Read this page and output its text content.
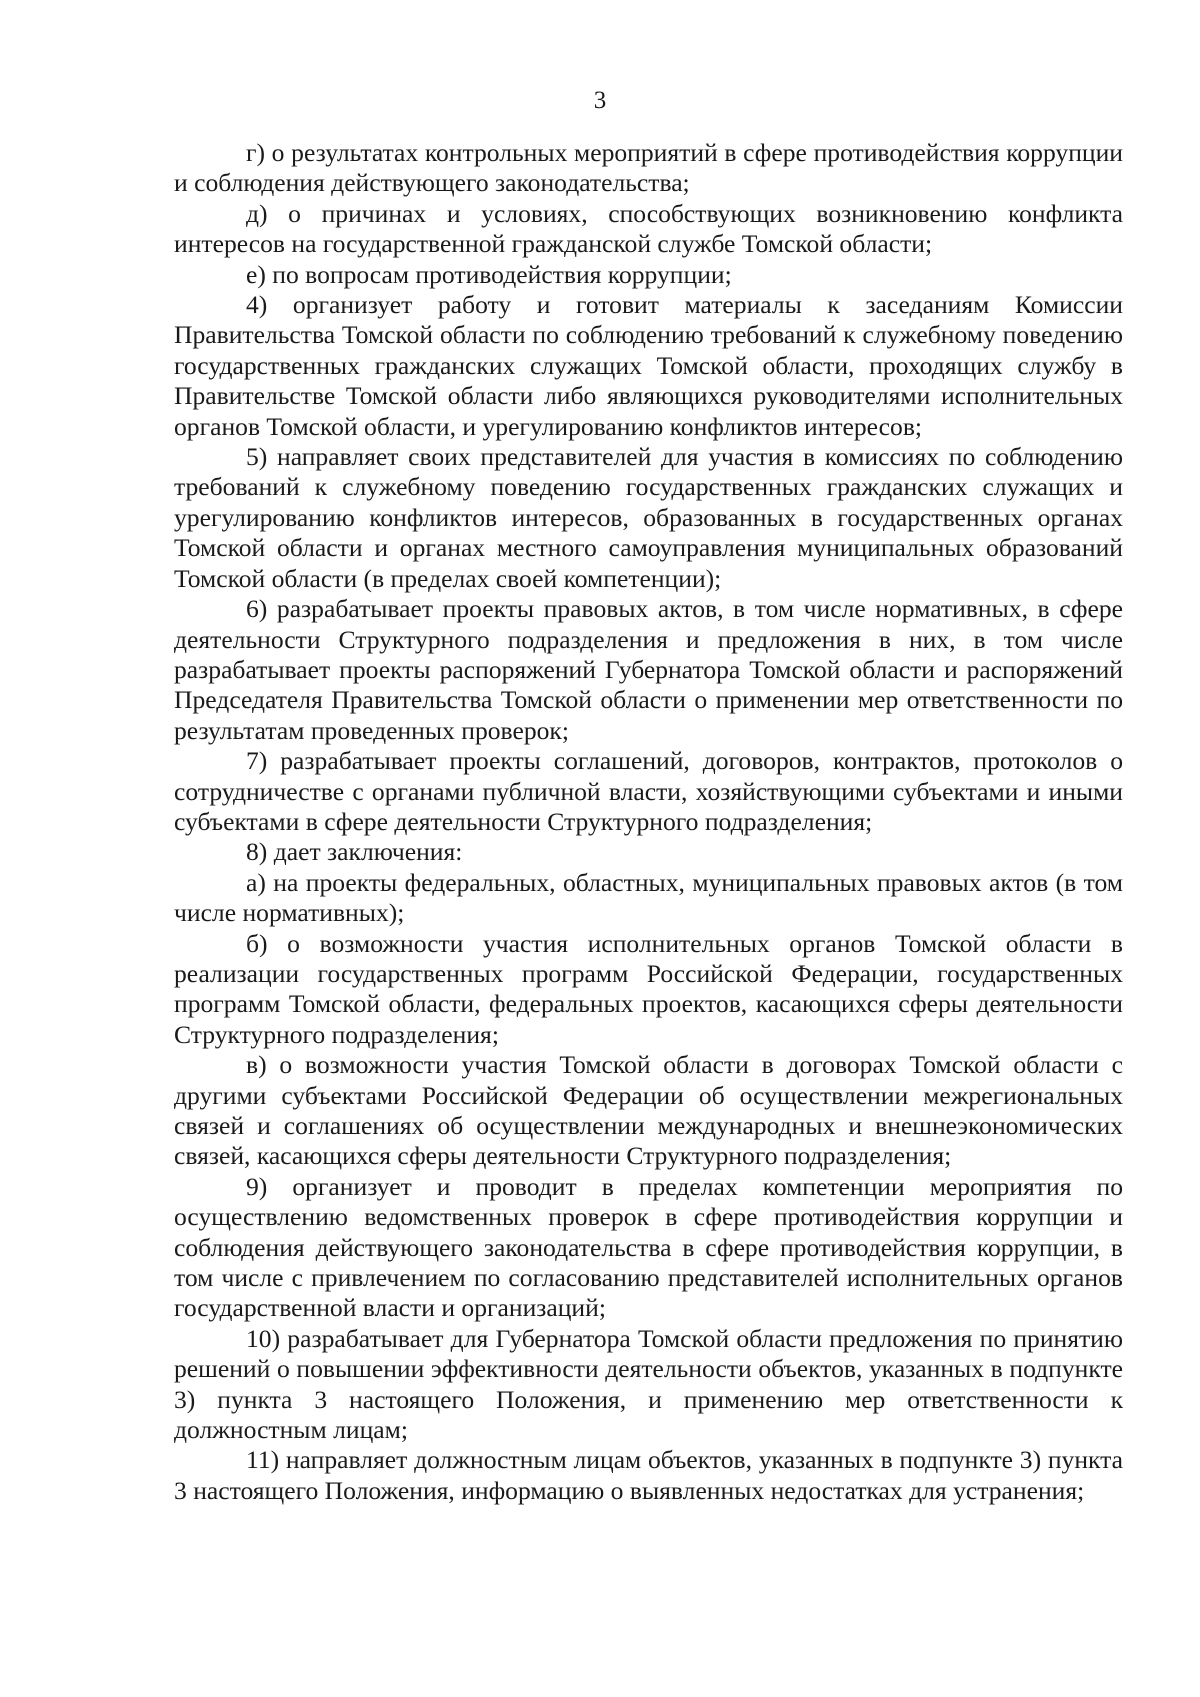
3

г) о результатах контрольных мероприятий в сфере противодействия коррупции и соблюдения действующего законодательства;

д) о причинах и условиях, способствующих возникновению конфликта интересов на государственной гражданской службе Томской области;

е) по вопросам противодействия коррупции;

4) организует работу и готовит материалы к заседаниям Комиссии Правительства Томской области по соблюдению требований к служебному поведению государственных гражданских служащих Томской области, проходящих службу в Правительстве Томской области либо являющихся руководителями исполнительных органов Томской области, и урегулированию конфликтов интересов;

5) направляет своих представителей для участия в комиссиях по соблюдению требований к служебному поведению государственных гражданских служащих и урегулированию конфликтов интересов, образованных в государственных органах Томской области и органах местного самоуправления муниципальных образований Томской области (в пределах своей компетенции);

6) разрабатывает проекты правовых актов, в том числе нормативных, в сфере деятельности Структурного подразделения и предложения в них, в том числе разрабатывает проекты распоряжений Губернатора Томской области и распоряжений Председателя Правительства Томской области о применении мер ответственности по результатам проведенных проверок;

7) разрабатывает проекты соглашений, договоров, контрактов, протоколов о сотрудничестве с органами публичной власти, хозяйствующими субъектами и иными субъектами в сфере деятельности Структурного подразделения;

8) дает заключения:

а) на проекты федеральных, областных, муниципальных правовых актов (в том числе нормативных);

б) о возможности участия исполнительных органов Томской области в реализации государственных программ Российской Федерации, государственных программ Томской области, федеральных проектов, касающихся сферы деятельности Структурного подразделения;

в) о возможности участия Томской области в договорах Томской области с другими субъектами Российской Федерации об осуществлении межрегиональных связей и соглашениях об осуществлении международных и внешнеэкономических связей, касающихся сферы деятельности Структурного подразделения;

9) организует и проводит в пределах компетенции мероприятия по осуществлению ведомственных проверок в сфере противодействия коррупции и соблюдения действующего законодательства в сфере противодействия коррупции, в том числе с привлечением по согласованию представителей исполнительных органов государственной власти и организаций;

10) разрабатывает для Губернатора Томской области предложения по принятию решений о повышении эффективности деятельности объектов, указанных в подпункте 3) пункта 3 настоящего Положения, и применению мер ответственности к должностным лицам;

11) направляет должностным лицам объектов, указанных в подпункте 3) пункта 3 настоящего Положения, информацию о выявленных недостатках для устранения;
